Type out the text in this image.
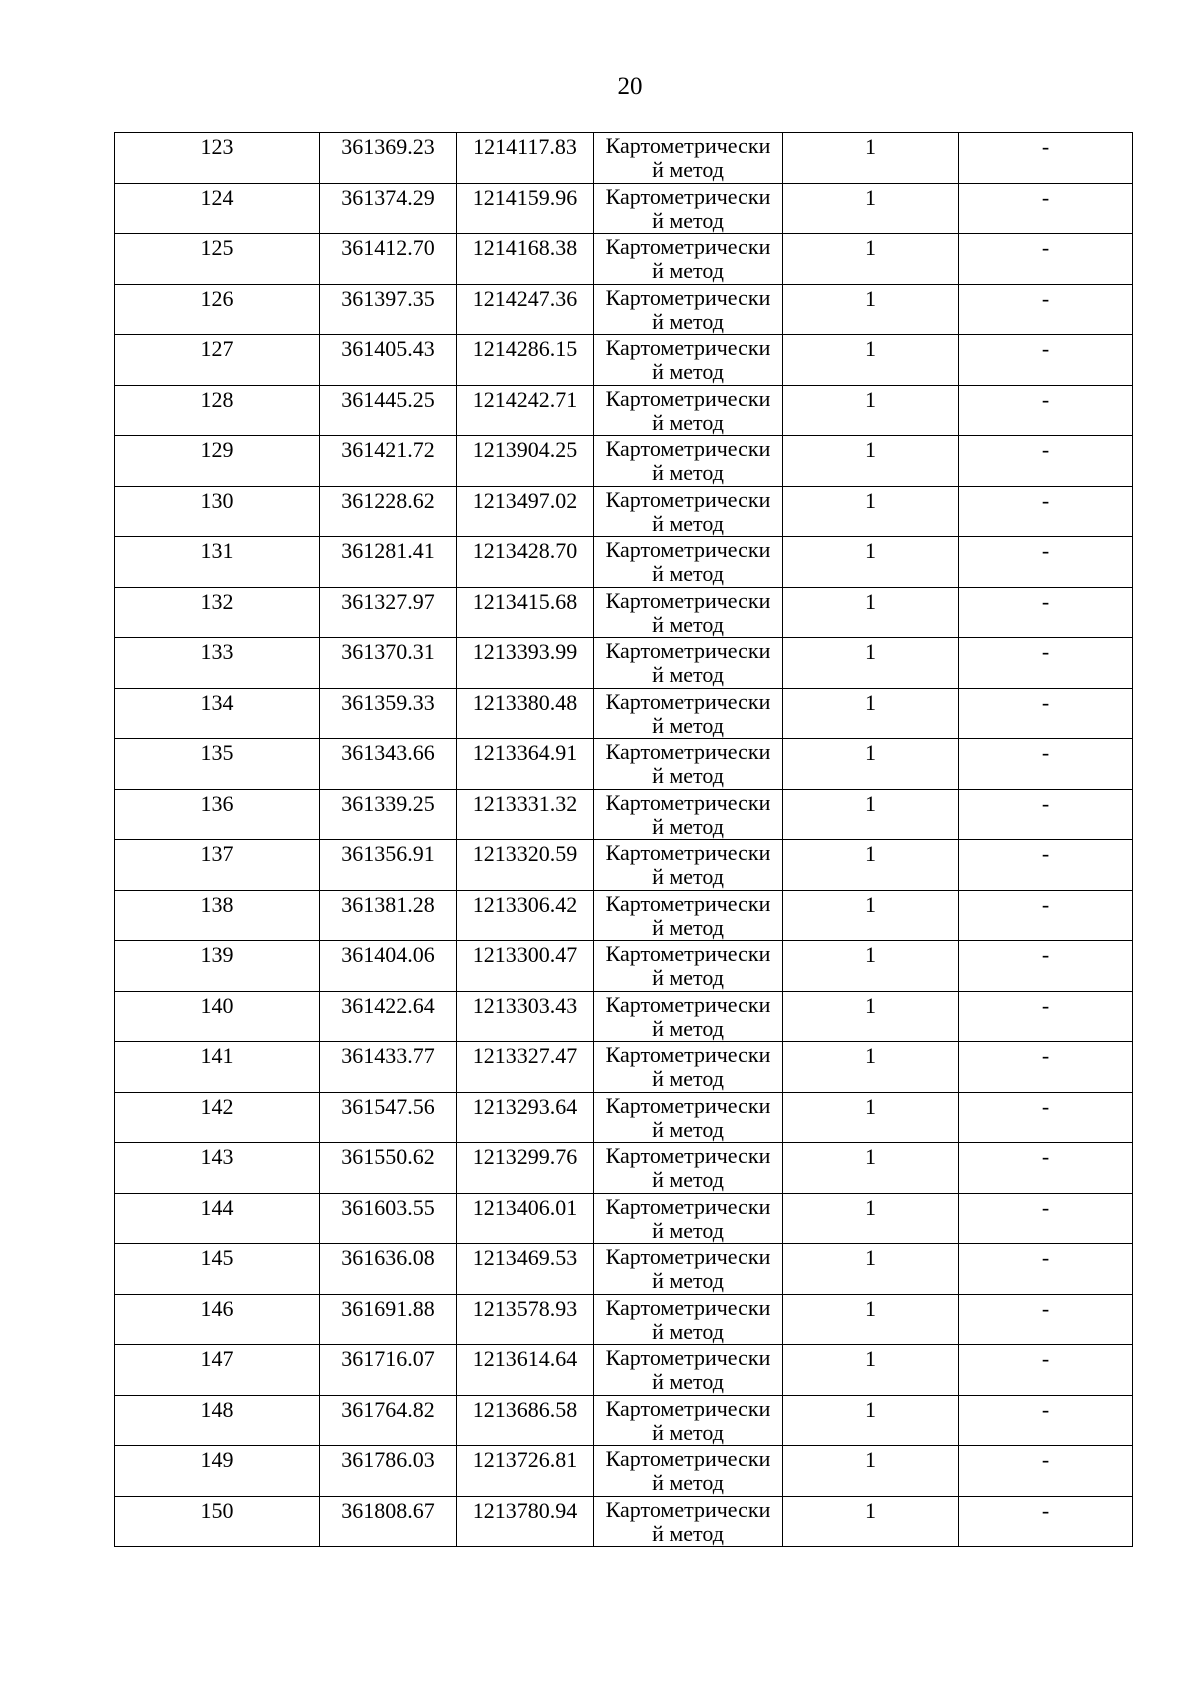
20
123	361369.23	1214117.83	Картометрически
й метод	1	-

124	361374.29	1214159.96	Картометрически
й метод	1	-

125	361412.70	1214168.38	Картометрически
й метод	1	-

126	361397.35	1214247.36	Картометрически
й метод	1	-

127	361405.43	1214286.15	Картометрически
й метод	1	-

128	361445.25	1214242.71	Картометрически
й метод	1	-

129	361421.72	1213904.25	Картометрически
й метод	1	-

130	361228.62	1213497.02	Картометрически
й метод	1	-

131	361281.41	1213428.70	Картометрически
й метод	1	-

132	361327.97	1213415.68	Картометрически
й метод	1	-

133	361370.31	1213393.99	Картометрически
й метод	1	-

134	361359.33	1213380.48	Картометрически
й метод	1	-

135	361343.66	1213364.91	Картометрически
й метод	1	-

136	361339.25	1213331.32	Картометрически
й метод	1	-

137	361356.91	1213320.59	Картометрически
й метод	1	-

138	361381.28	1213306.42	Картометрически
й метод	1	-

139	361404.06	1213300.47	Картометрически
й метод	1	-

140	361422.64	1213303.43	Картометрически
й метод	1	-

141	361433.77	1213327.47	Картометрически
й метод	1	-

142	361547.56	1213293.64	Картометрически
й метод	1	-

143	361550.62	1213299.76	Картометрически
й метод	1	-

144	361603.55	1213406.01	Картометрически
й метод	1	-

145	361636.08	1213469.53	Картометрически
й метод	1	-

146	361691.88	1213578.93	Картометрически
й метод	1	-

147	361716.07	1213614.64	Картометрически
й метод	1	-

148	361764.82	1213686.58	Картометрически
й метод	1	-

149	361786.03	1213726.81	Картометрически
й метод	1	-

150	361808.67	1213780.94	Картометрически
й метод	1	-
